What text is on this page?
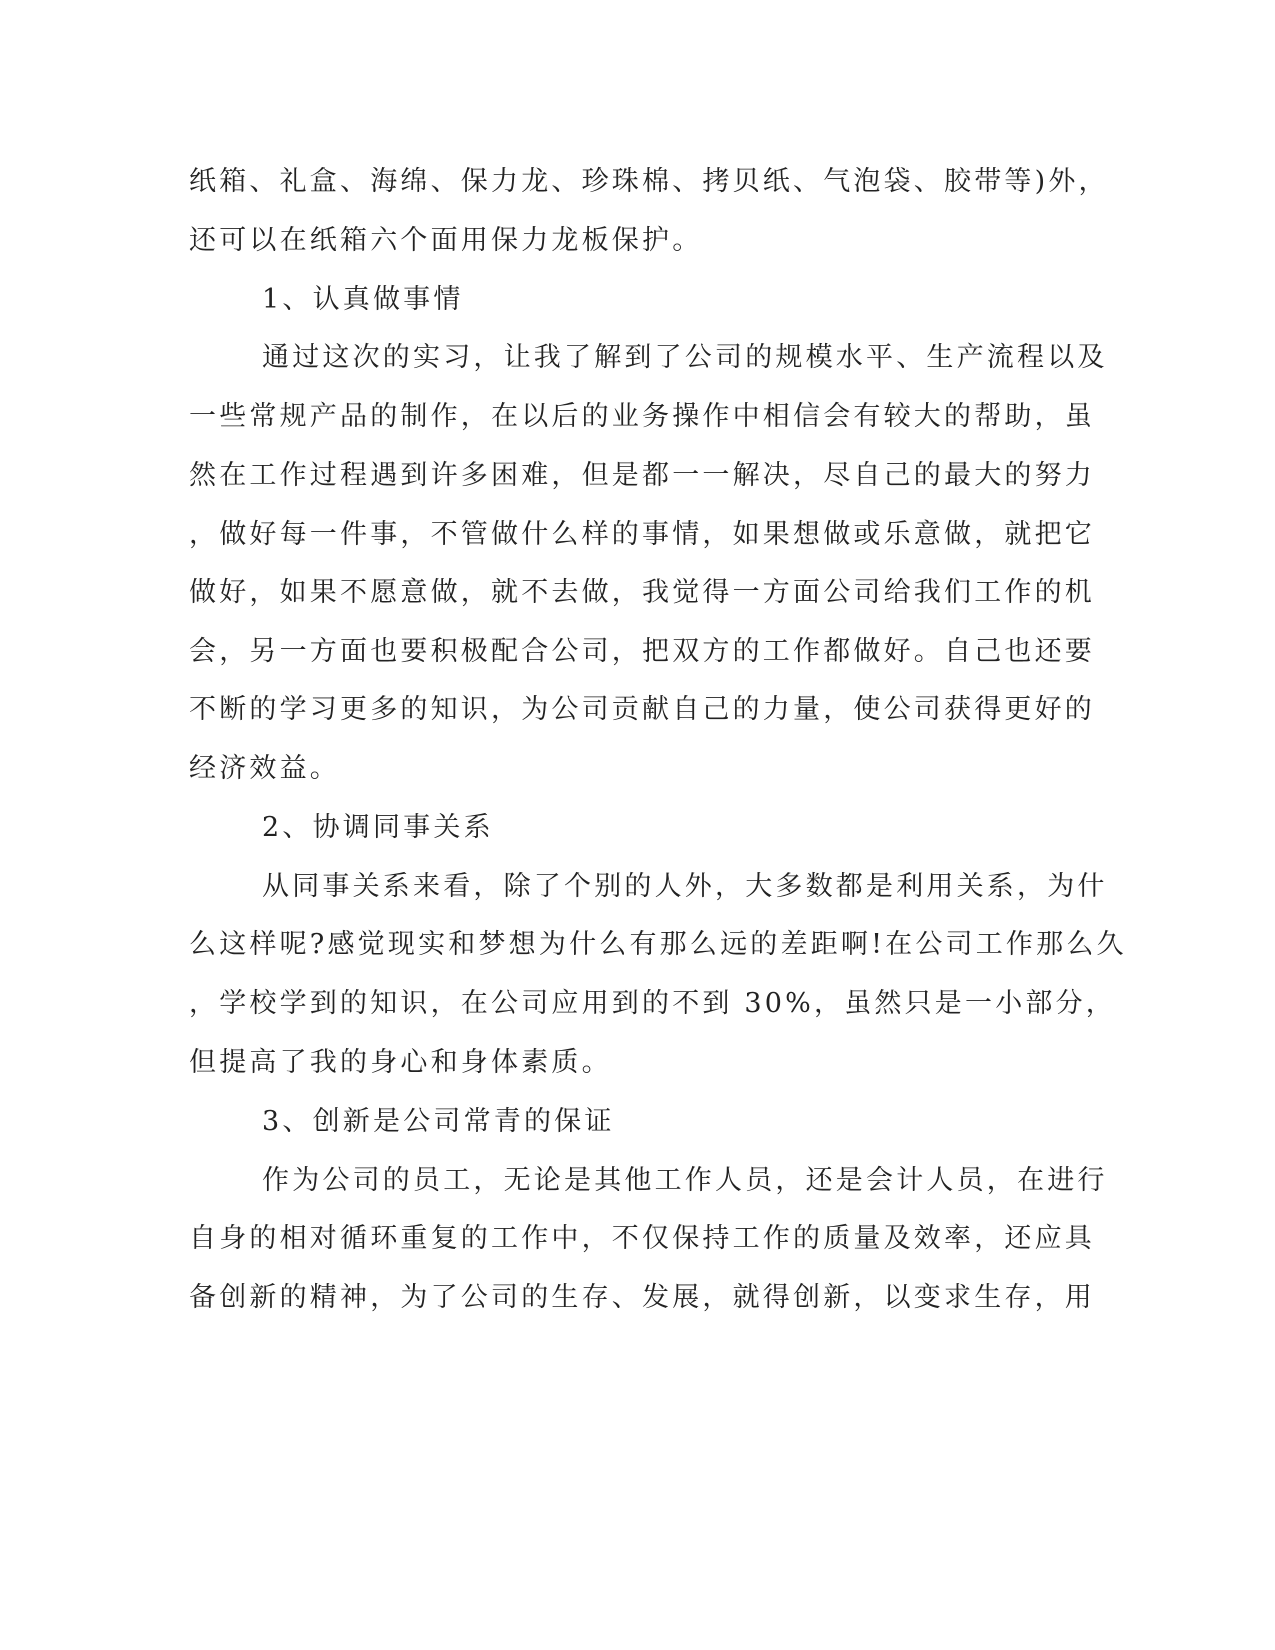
纸箱、礼盒、海绵、保力龙、珍珠棉、拷贝纸、气泡袋、胶带等)外，
还可以在纸箱六个面用保力龙板保护。
1、认真做事情
通过这次的实习，让我了解到了公司的规模水平、生产流程以及
一些常规产品的制作，在以后的业务操作中相信会有较大的帮助，虽
然在工作过程遇到许多困难，但是都一一解决，尽自己的最大的努力
，做好每一件事，不管做什么样的事情，如果想做或乐意做，就把它
做好，如果不愿意做，就不去做，我觉得一方面公司给我们工作的机
会，另一方面也要积极配合公司，把双方的工作都做好。自己也还要
不断的学习更多的知识，为公司贡献自己的力量，使公司获得更好的
经济效益。
2、协调同事关系
从同事关系来看，除了个别的人外，大多数都是利用关系，为什
么这样呢?感觉现实和梦想为什么有那么远的差距啊!在公司工作那么久
，学校学到的知识，在公司应用到的不到 30%，虽然只是一小部分，
但提高了我的身心和身体素质。
3、创新是公司常青的保证
作为公司的员工，无论是其他工作人员，还是会计人员，在进行
自身的相对循环重复的工作中，不仅保持工作的质量及效率，还应具
备创新的精神，为了公司的生存、发展，就得创新，以变求生存，用
